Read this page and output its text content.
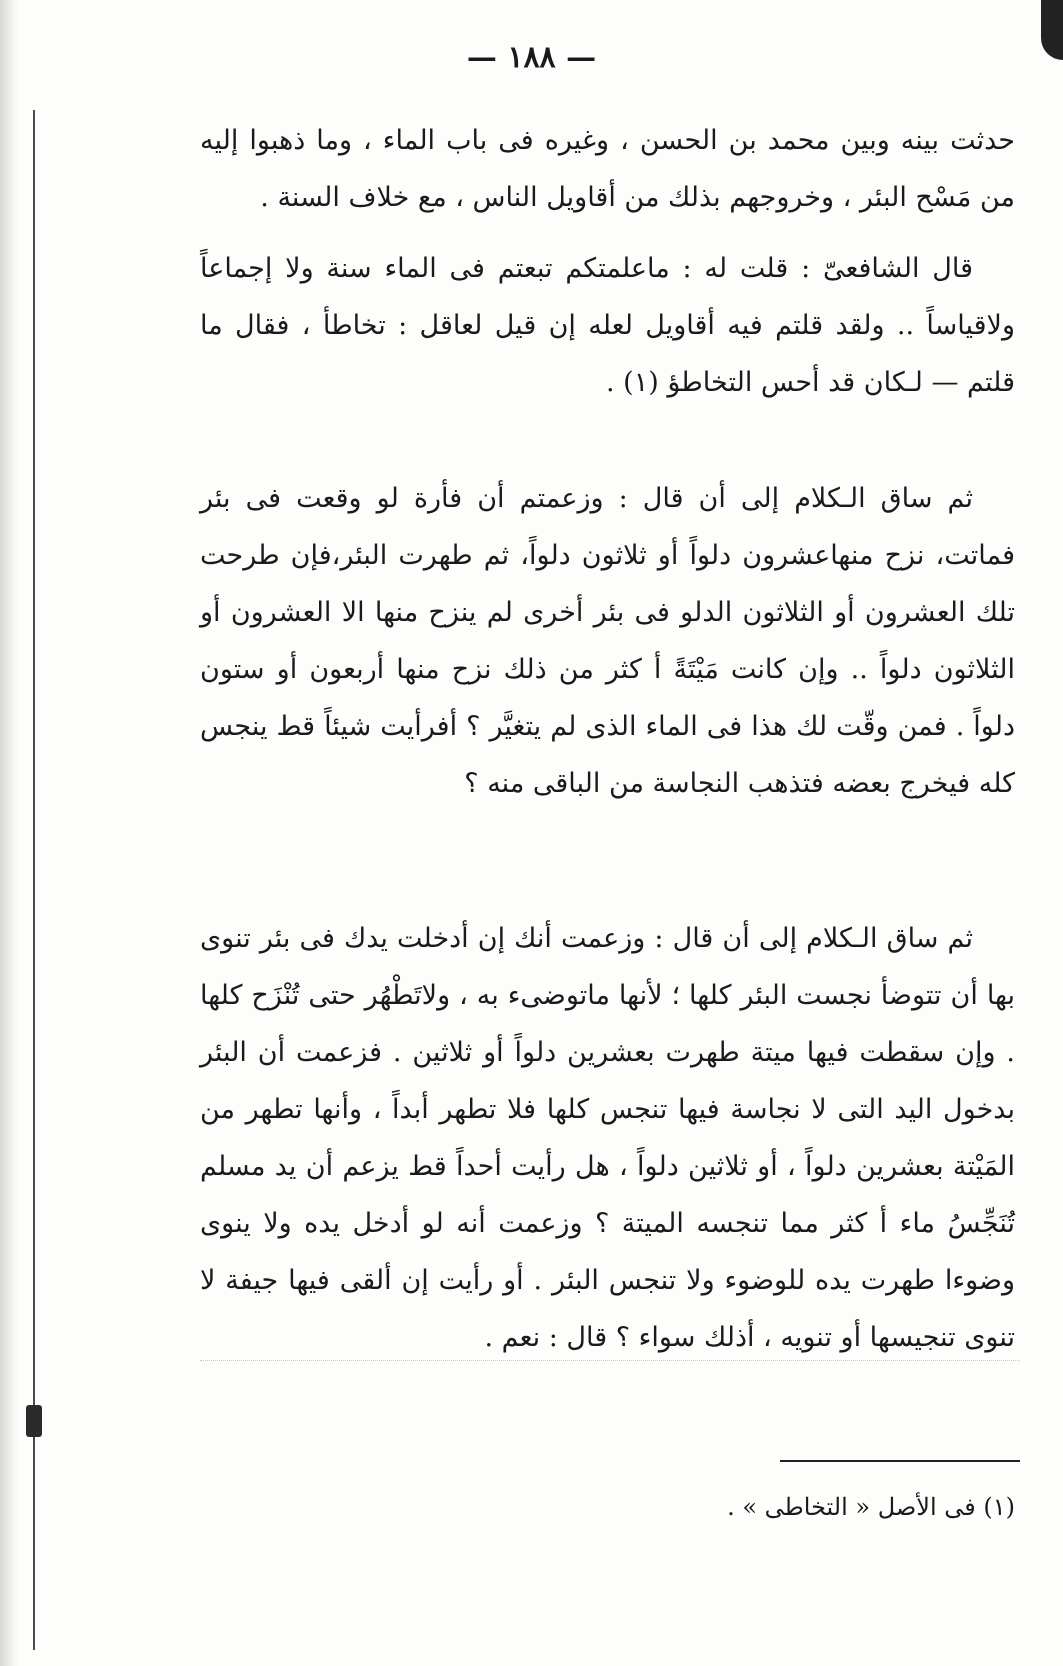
— ١٨٨ —

حدثت بينه وبين محمد بن الحسن ، وغيره فى باب الماء ، وما ذهبوا إليه من مَسْح البئر ، وخروجهم بذلك من أقاويل الناس ، مع خلاف السنة .

قال الشافعىّ : قلت له : ماعلمتكم تبعتم فى الماء سنة ولا إجماعاً ولاقياساً .. ولقد قلتم فيه أقاويل لعله إن قيل لعاقل : تخاطأ ، فقال ما قلتم — لـكان قد أحس التخاطؤ (١) .

ثم ساق الـكلام إلى أن قال : وزعمتم أن فأرة لو وقعت فى بئر فماتت، نزح منهاعشرون دلواً أو ثلاثون دلواً، ثم طهرت البئر،فإن طرحت تلك العشرون أو الثلاثون الدلو فى بئر أخرى لم ينزح منها الا العشرون أو الثلاثون دلواً .. وإن كانت مَيْتَةً أ كثر من ذلك نزح منها أربعون أو ستون دلواً . فمن وقّت لك هذا فى الماء الذى لم يتغيَّر ؟ أفرأيت شيئاً قط ينجس كله فيخرج بعضه فتذهب النجاسة من الباقى منه ؟

ثم ساق الـكلام إلى أن قال : وزعمت أنك إن أدخلت يدك فى بئر تنوى بها أن تتوضأ نجست البئر كلها ؛ لأنها ماتوضىء به ، ولاتَطْهُر حتى تُنْزَح كلها . وإن سقطت فيها ميتة طهرت بعشرين دلواً أو ثلاثين . فزعمت أن البئر بدخول اليد التى لا نجاسة فيها تنجس كلها فلا تطهر أبداً ، وأنها تطهر من المَيْتة بعشرين دلواً ، أو ثلاثين دلواً ، هل رأيت أحداً قط يزعم أن يد مسلم تُنَجِّسُ ماء أ كثر مما تنجسه الميتة ؟ وزعمت أنه لو أدخل يده ولا ينوى وضوءا طهرت يده للوضوء ولا تنجس البئر . أو رأيت إن ألقى فيها جيفة لا تنوى تنجيسها أو تنويه ، أذلك سواء ؟ قال : نعم .

(١) فى الأصل « التخاطى » .
